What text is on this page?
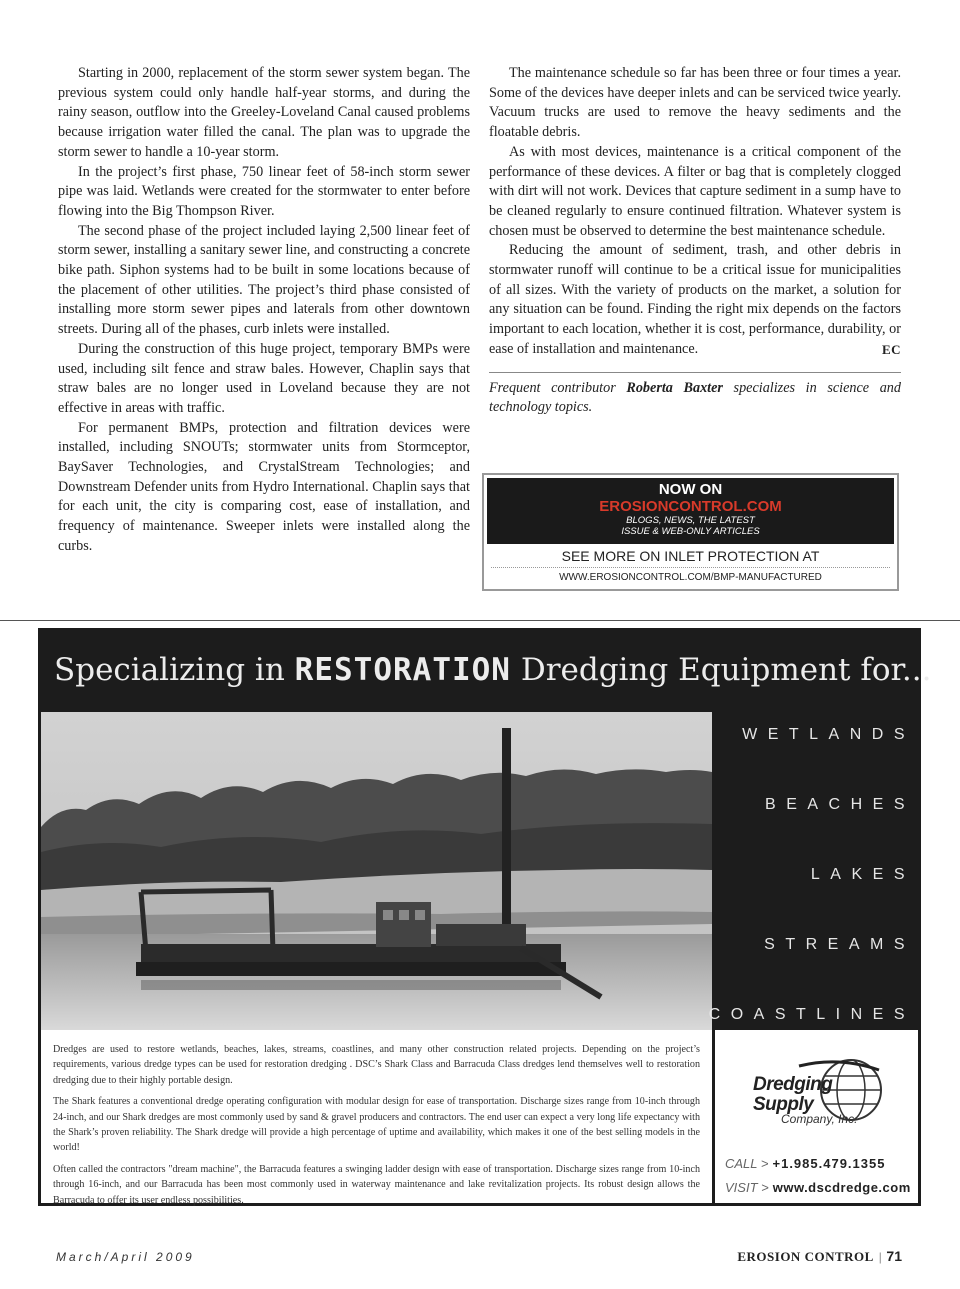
Starting in 2000, replacement of the storm sewer system began. The previous system could only handle half-year storms, and during the rainy season, outflow into the Greeley-Loveland Canal caused problems because irrigation water filled the canal. The plan was to upgrade the storm sewer to handle a 10-year storm.

In the project’s first phase, 750 linear feet of 58-inch storm sewer pipe was laid. Wetlands were created for the stormwater to enter before flowing into the Big Thompson River.

The second phase of the project included laying 2,500 linear feet of storm sewer, installing a sanitary sewer line, and constructing a concrete bike path. Siphon systems had to be built in some locations because of the placement of other utilities. The project’s third phase consisted of installing more storm sewer pipes and laterals from other downtown streets. During all of the phases, curb inlets were installed.

During the construction of this huge project, temporary BMPs were used, including silt fence and straw bales. However, Chaplin says that straw bales are no longer used in Loveland because they are not effective in areas with traffic.

For permanent BMPs, protection and filtration devices were installed, including SNOUTs; stormwater units from Stormceptor, BaySaver Technologies, and CrystalStream Technologies; and Downstream Defender units from Hydro International. Chaplin says that for each unit, the city is comparing cost, ease of installation, and frequency of maintenance. Sweeper inlets were installed along the curbs.

The maintenance schedule so far has been three or four times a year. Some of the devices have deeper inlets and can be serviced twice yearly. Vacuum trucks are used to remove the heavy sediments and the floatable debris.

As with most devices, maintenance is a critical component of the performance of these devices. A filter or bag that is completely clogged with dirt will not work. Devices that capture sediment in a sump have to be cleaned regularly to ensure continued filtration. Whatever system is chosen must be observed to determine the best maintenance schedule.

Reducing the amount of sediment, trash, and other debris in stormwater runoff will continue to be a critical issue for municipalities of all sizes. With the variety of products on the market, a solution for any situation can be found. Finding the right mix depends on the factors important to each location, whether it is cost, performance, durability, or ease of installation and maintenance.	EC

Frequent contributor Roberta Baxter specializes in science and technology topics.

NOW ON
EROSIONCONTROL.COM
BLOGS, NEWS, THE LATEST
ISSUE & WEB-ONLY ARTICLES
SEE MORE ON INLET PROTECTION AT
WWW.EROSIONCONTROL.COM/BMP-MANUFACTURED
Specializing in RESTORATION Dredging Equipment for...
WETLANDS
BEACHES
LAKES
STREAMS
COASTLINES

Dredges are used to restore wetlands, beaches, lakes, streams, coastlines, and many other construction related projects. Depending on the project’s requirements, various dredge types can be used for restoration dredging . DSC’s Shark Class and Barracuda Class dredges lend themselves well to restoration dredging due to their highly portable design.

The Shark features a conventional dredge operating configuration with modular design for ease of transportation. Discharge sizes range from 10-inch through 24-inch, and our Shark dredges are most commonly used by sand & gravel producers and contractors. The end user can expect a very long life expectancy with the Shark’s proven reliability. The Shark dredge will provide a high percentage of uptime and availability, which makes it one of the best selling models in the world!

Often called the contractors "dream machine", the Barracuda features a swinging ladder design with ease of transportation. Discharge sizes range from 10-inch through 16-inch, and our Barracuda has been most commonly used in waterway maintenance and lake revitalization projects. Its robust design allows the Barracuda to offer its user endless possibilities.

Dredging
Supply
Company, Inc.
CALL > +1.985.479.1355
VISIT > www.dscdredge.com
March/April 2009	EROSION CONTROL | 71
